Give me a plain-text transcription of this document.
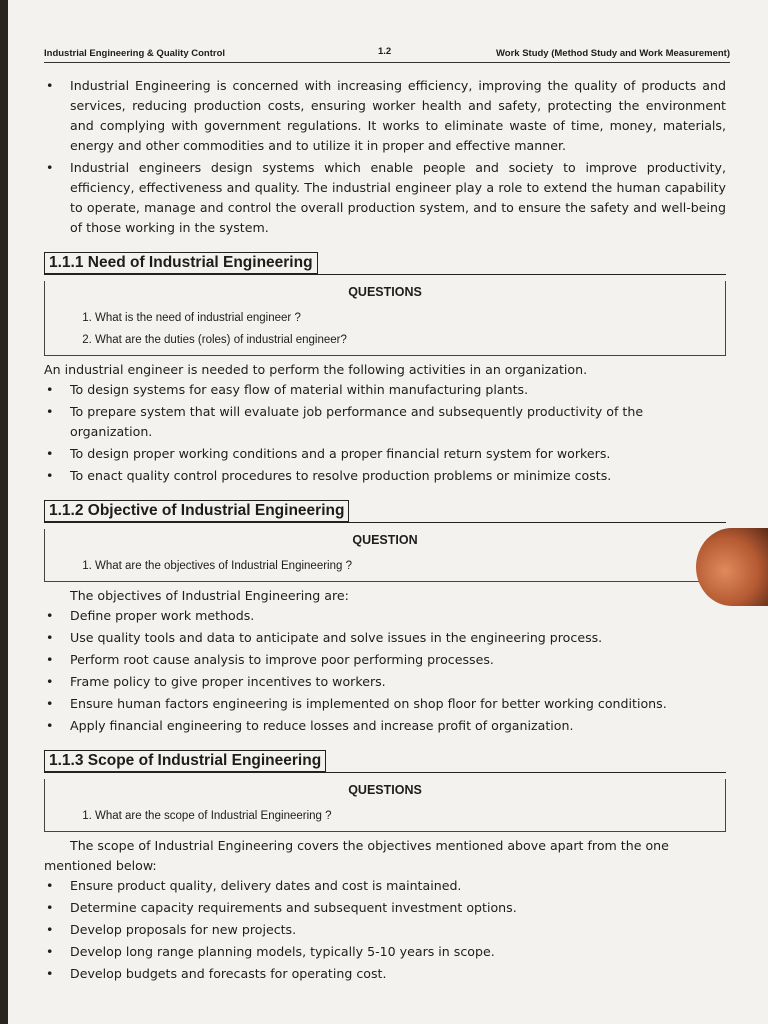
Industrial Engineering & Quality Control	1.2	Work Study (Method Study and Work Measurement)
• Industrial Engineering is concerned with increasing efficiency, improving the quality of products and services, reducing production costs, ensuring worker health and safety, protecting the environment and complying with government regulations. It works to eliminate waste of time, money, materials, energy and other commodities and to utilize it in proper and effective manner.
• Industrial engineers design systems which enable people and society to improve productivity, efficiency, effectiveness and quality. The industrial engineer play a role to extend the human capability to operate, manage and control the overall production system, and to ensure the safety and well-being of those working in the system.
1.1.1 Need of Industrial Engineering
QUESTIONS
1. What is the need of industrial engineer ?
2. What are the duties (roles) of industrial engineer?

An industrial engineer is needed to perform the following activities in an organization.

• To design systems for easy flow of material within manufacturing plants.
• To prepare system that will evaluate job performance and subsequently productivity of the organization.
• To design proper working conditions and a proper financial return system for workers.
• To enact quality control procedures to resolve production problems or minimize costs.
1.1.2 Objective of Industrial Engineering
QUESTION
1. What are the objectives of Industrial Engineering ?

The objectives of Industrial Engineering are:

• Define proper work methods.
• Use quality tools and data to anticipate and solve issues in the engineering process.
• Perform root cause analysis to improve poor performing processes.
• Frame policy to give proper incentives to workers.
• Ensure human factors engineering is implemented on shop floor for better working conditions.
• Apply financial engineering to reduce losses and increase profit of organization.
1.1.3 Scope of Industrial Engineering
QUESTIONS
1. What are the scope of Industrial Engineering ?

The scope of Industrial Engineering covers the objectives mentioned above apart from the one mentioned below:

• Ensure product quality, delivery dates and cost is maintained.
• Determine capacity requirements and subsequent investment options.
• Develop proposals for new projects.
• Develop long range planning models, typically 5-10 years in scope.
• Develop budgets and forecasts for operating cost.
